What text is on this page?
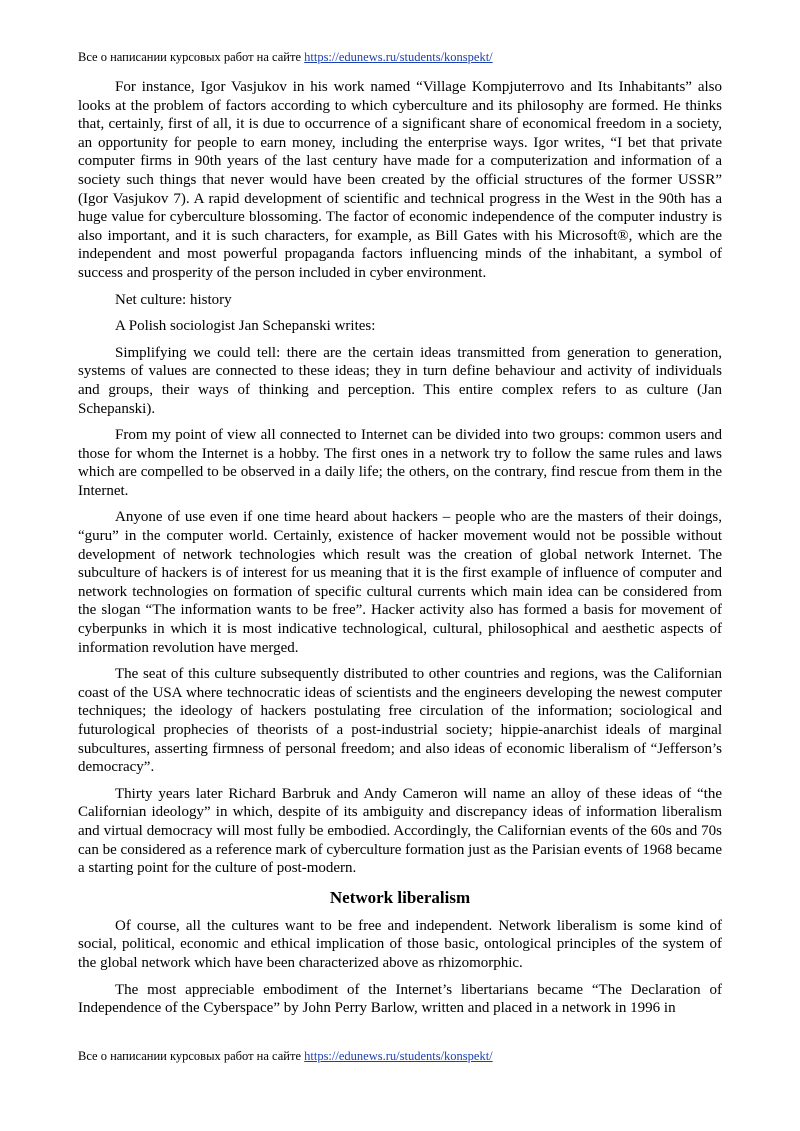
Все о написании курсовых работ на сайте https://edunews.ru/students/konspekt/

For instance, Igor Vasjukov in his work named “Village Kompjuterrovo and Its Inhabitants” also looks at the problem of factors according to which cyberculture and its philosophy are formed. He thinks that, certainly, first of all, it is due to occurrence of a significant share of economical freedom in a society, an opportunity for people to earn money, including the enterprise ways. Igor writes, “I bet that private computer firms in 90th years of the last century have made for a computerization and information of a society such things that never would have been created by the official structures of the former USSR” (Igor Vasjukov 7). A rapid development of scientific and technical progress in the West in the 90th has a huge value for cyberculture blossoming. The factor of economic independence of the computer industry is also important, and it is such characters, for example, as Bill Gates with his Microsoft®, which are the independent and most powerful propaganda factors influencing minds of the inhabitant, a symbol of success and prosperity of the person included in cyber environment.

Net culture: history

A Polish sociologist Jan Schepanski writes:

Simplifying we could tell: there are the certain ideas transmitted from generation to generation, systems of values are connected to these ideas; they in turn define behaviour and activity of individuals and groups, their ways of thinking and perception. This entire complex refers to as culture (Jan Schepanski).

From my point of view all connected to Internet can be divided into two groups: common users and those for whom the Internet is a hobby. The first ones in a network try to follow the same rules and laws which are compelled to be observed in a daily life; the others, on the contrary, find rescue from them in the Internet.

Anyone of use even if one time heard about hackers – people who are the masters of their doings, “guru” in the computer world. Certainly, existence of hacker movement would not be possible without development of network technologies which result was the creation of global network Internet. The subculture of hackers is of interest for us meaning that it is the first example of influence of computer and network technologies on formation of specific cultural currents which main idea can be considered from the slogan “The information wants to be free”. Hacker activity also has formed a basis for movement of cyberpunks in which it is most indicative technological, cultural, philosophical and aesthetic aspects of information revolution have merged.

The seat of this culture subsequently distributed to other countries and regions, was the Californian coast of the USA where technocratic ideas of scientists and the engineers developing the newest computer techniques; the ideology of hackers postulating free circulation of the information; sociological and futurological prophecies of theorists of a post-industrial society; hippie-anarchist ideals of marginal subcultures, asserting firmness of personal freedom; and also ideas of economic liberalism of “Jefferson’s democracy”.

Thirty years later Richard Barbruk and Andy Cameron will name an alloy of these ideas of “the Californian ideology” in which, despite of its ambiguity and discrepancy ideas of information liberalism and virtual democracy will most fully be embodied. Accordingly, the Californian events of the 60s and 70s can be considered as a reference mark of cyberculture formation just as the Parisian events of 1968 became a starting point for the culture of post-modern.

Network liberalism

Of course, all the cultures want to be free and independent. Network liberalism is some kind of social, political, economic and ethical implication of those basic, ontological principles of the system of the global network which have been characterized above as rhizomorphic.

The most appreciable embodiment of the Internet’s libertarians became “The Declaration of Independence of the Cyberspace” by John Perry Barlow, written and placed in a network in 1996 in

Все о написании курсовых работ на сайте https://edunews.ru/students/konspekt/
